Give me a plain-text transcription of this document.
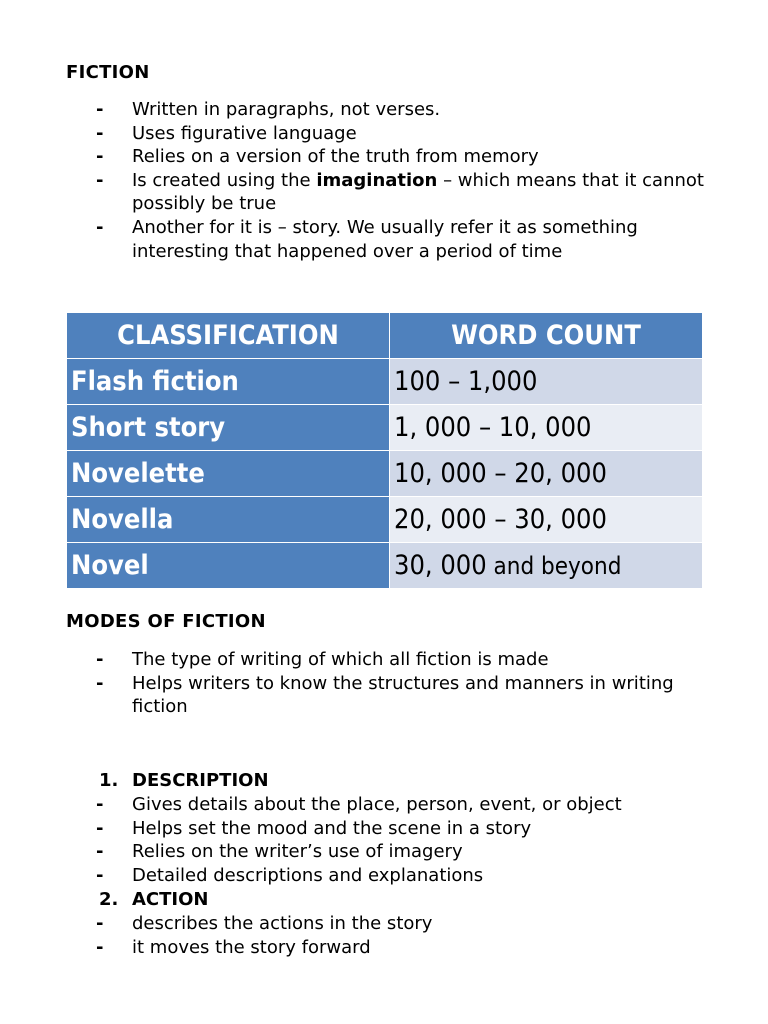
FICTION
- Written in paragraphs, not verses.
- Uses figurative language
- Relies on a version of the truth from memory
- Is created using the imagination – which means that it cannot possibly be true
- Another for it is – story. We usually refer it as something interesting that happened over a period of time
CLASSIFICATION	WORD COUNT
Flash fiction	100 – 1,000
Short story	1, 000 – 10, 000
Novelette	10, 000 – 20, 000
Novella	20, 000 – 30, 000
Novel	30, 000 and beyond
MODES OF FICTION
- The type of writing of which all fiction is made
- Helps writers to know the structures and manners in writing fiction
1. DESCRIPTION
- Gives details about the place, person, event, or object
- Helps set the mood and the scene in a story
- Relies on the writer’s use of imagery
- Detailed descriptions and explanations
2. ACTION
- describes the actions in the story
- it moves the story forward
